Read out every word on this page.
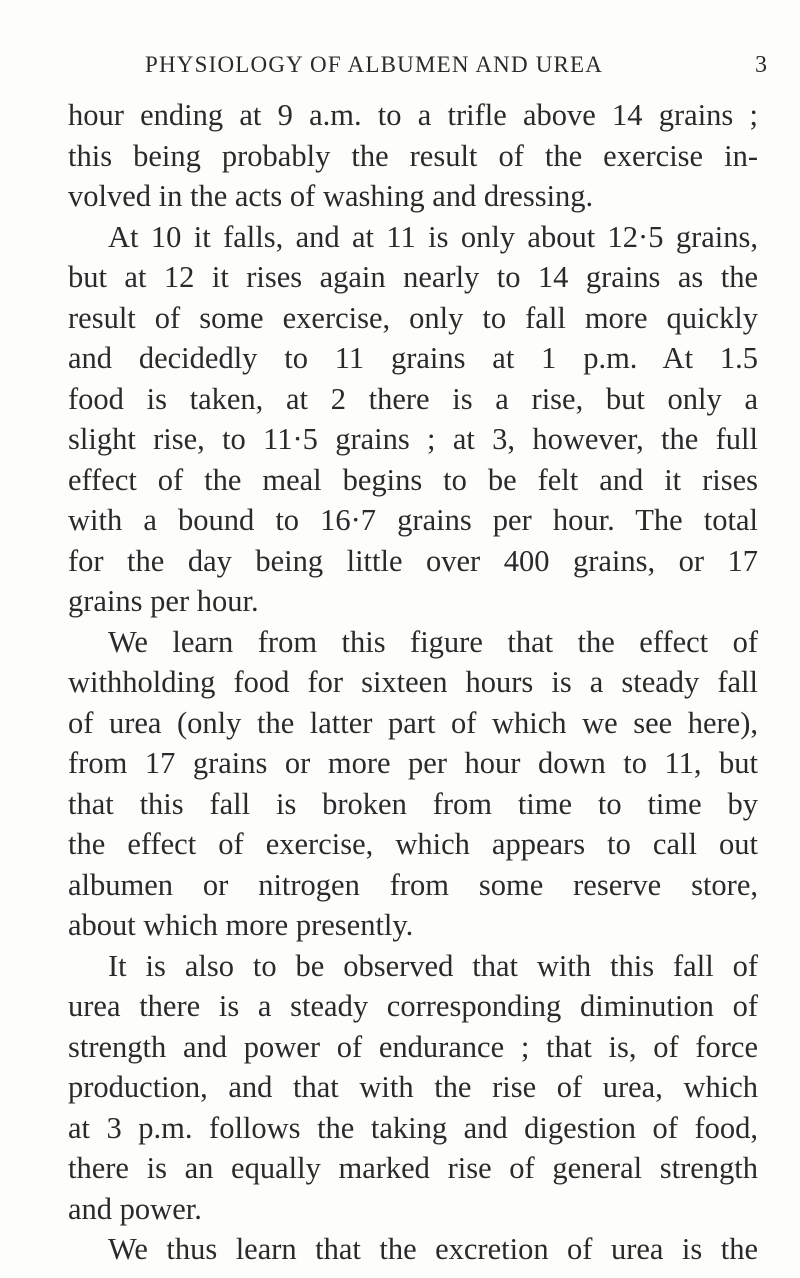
PHYSIOLOGY OF ALBUMEN AND UREA	3
hour ending at 9 a.m. to a trifle above 14 grains ;
this being probably the result of the exercise in-
volved in the acts of washing and dressing.
At 10 it falls, and at 11 is only about 12·5 grains,
but at 12 it rises again nearly to 14 grains as the
result of some exercise, only to fall more quickly
and decidedly to 11 grains at 1 p.m. At 1.5
food is taken, at 2 there is a rise, but only a
slight rise, to 11·5 grains ; at 3, however, the full
effect of the meal begins to be felt and it rises
with a bound to 16·7 grains per hour. The total
for the day being little over 400 grains, or 17
grains per hour.
We learn from this figure that the effect of
withholding food for sixteen hours is a steady fall
of urea (only the latter part of which we see here),
from 17 grains or more per hour down to 11, but
that this fall is broken from time to time by
the effect of exercise, which appears to call out
albumen or nitrogen from some reserve store,
about which more presently.
It is also to be observed that with this fall of
urea there is a steady corresponding diminution of
strength and power of endurance ; that is, of force
production, and that with the rise of urea, which
at 3 p.m. follows the taking and digestion of food,
there is an equally marked rise of general strength
and power.
We thus learn that the excretion of urea is the
